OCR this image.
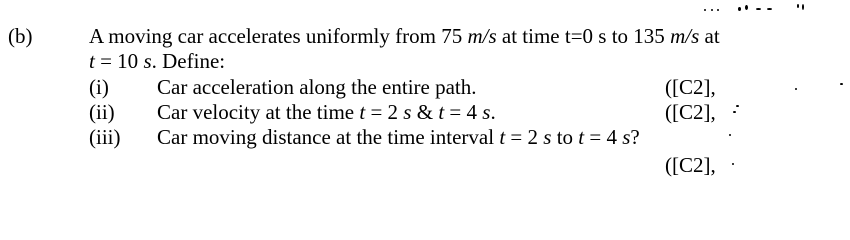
(b)	A moving car accelerates uniformly from 75 m/s at time t=0 s to 135 m/s at
t = 10 s. Define:
(i) Car acceleration along the entire path.	([C2],
(ii) Car velocity at the time t = 2 s & t = 4 s.	([C2],
(iii) Car moving distance at the time interval t = 2 s to t = 4 s?
([C2],
